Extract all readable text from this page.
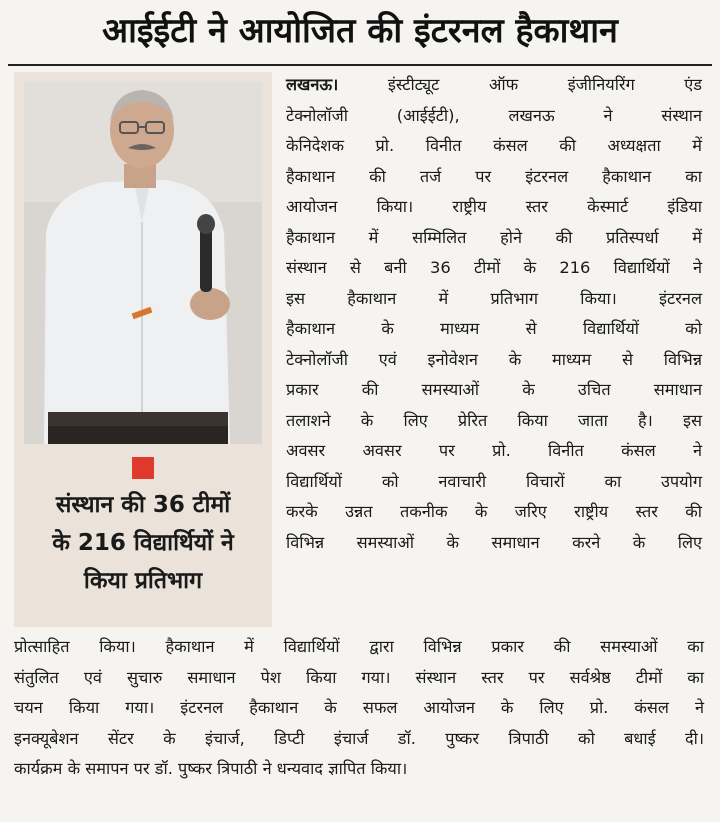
आईईटी ने आयोजित की इंटरनल हैकाथान
संस्थान की 36 टीमों
के 216 विद्यार्थियों ने
किया प्रतिभाग
लखनऊ। इंस्टीट्यूट ऑफ इंजीनियरिंग एंड
टेक्नोलॉजी (आईईटी), लखनऊ ने संस्थान
केनिदेशक प्रो. विनीत कंसल की अध्यक्षता में
हैकाथान की तर्ज पर इंटरनल हैकाथान का
आयोजन किया। राष्ट्रीय स्तर केस्मार्ट इंडिया
हैकाथान में सम्मिलित होने की प्रतिस्पर्धा में
संस्थान से बनी 36 टीमों के 216 विद्यार्थियों ने
इस हैकाथान में प्रतिभाग किया। इंटरनल
हैकाथान के माध्यम से विद्यार्थियों को
टेक्नोलॉजी एवं इनोवेशन के माध्यम से विभिन्न
प्रकार की समस्याओं के उचित समाधान
तलाशने के लिए प्रेरित किया जाता है। इस
अवसर अवसर पर प्रो. विनीत कंसल ने
विद्यार्थियों को नवाचारी विचारों का उपयोग
करके उन्नत तकनीक के जरिए राष्ट्रीय स्तर की
विभिन्न समस्याओं के समाधान करने के लिए
प्रोत्साहित किया। हैकाथान में विद्यार्थियों द्वारा विभिन्न प्रकार की समस्याओं का
संतुलित एवं सुचारु समाधान पेश किया गया। संस्थान स्तर पर सर्वश्रेष्ठ टीमों का
चयन किया गया। इंटरनल हैकाथान के सफल आयोजन के लिए प्रो. कंसल ने
इनक्यूबेशन सेंटर के इंचार्ज, डिप्टी इंचार्ज डॉ. पुष्कर त्रिपाठी को बधाई दी।
कार्यक्रम के समापन पर डॉ. पुष्कर त्रिपाठी ने धन्यवाद ज्ञापित किया।
